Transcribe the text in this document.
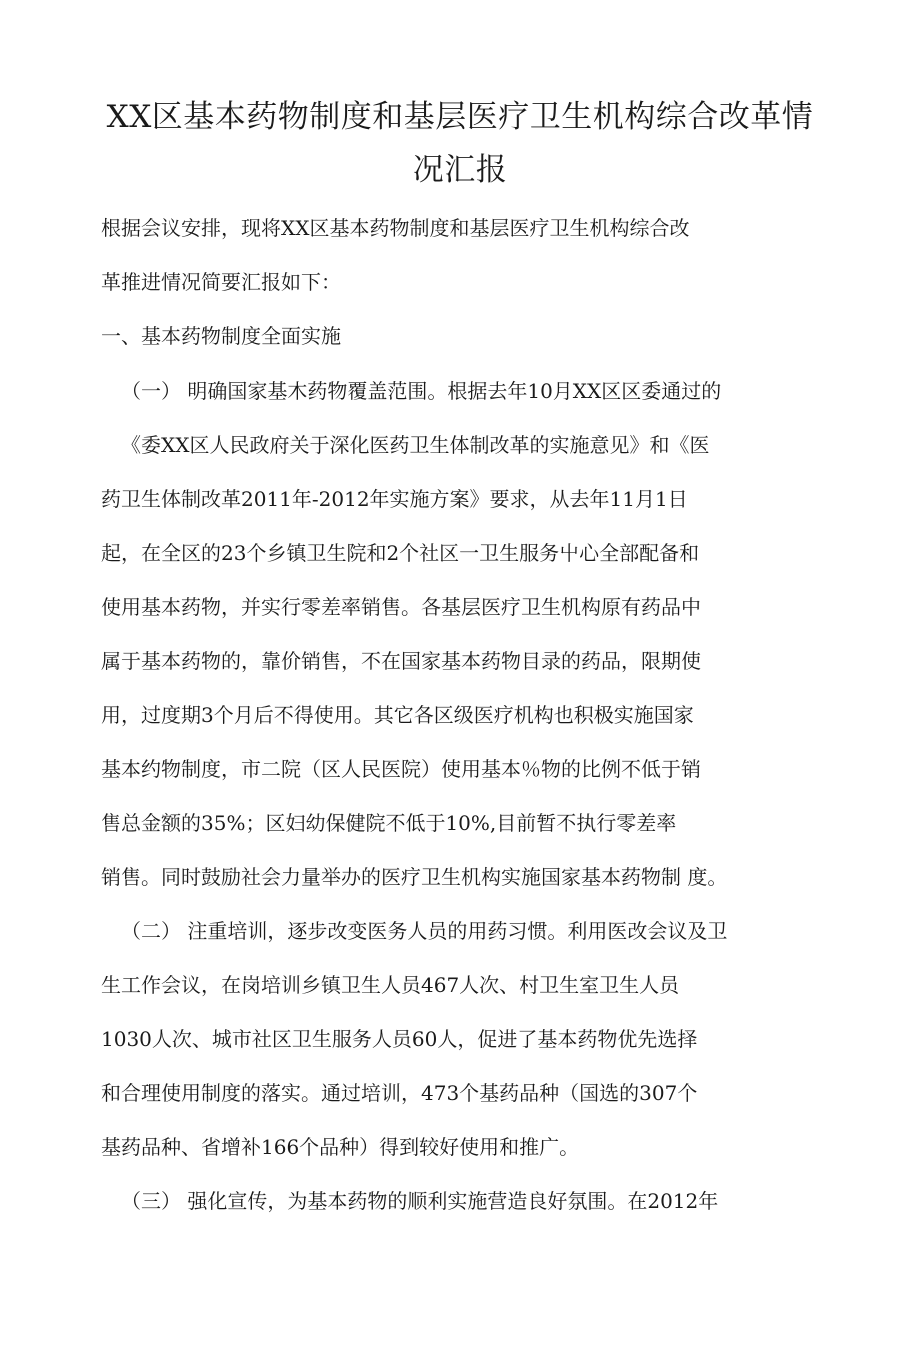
XX区基本药物制度和基层医疗卫生机构综合改革情
况汇报
根据会议安排，现将XX区基本药物制度和基层医疗卫生机构综合改
革推进情况简要汇报如下：
一、基本药物制度全面实施
（一） 明确国家基木药物覆盖范围。根据去年10月XX区区委通过的
《委XX区人民政府关于深化医药卫生体制改革的实施意见》和《医
药卫生体制改革2011年-2012年实施方案》要求，从去年11月1日
起，在全区的23个乡镇卫生院和2个社区一卫生服务屮心全部配备和
使用基本药物，并实行零差率销售。各基层医疗卫生机构原有药品中
属于基本药物的，靠价销售，不在国家基本药物目录的药品，限期使
用，过度期3个月后不得使用。其它各区级医疗机构也积极实施国家
基本约物制度，市二院（区人民医院）使用基本％物的比例不低于销
售总金额的35%；区妇幼保健院不低于10%,目前暂不执行零差率
销售。同时鼓励社会力量举办的医疗卫生机构实施国家基本药物制 度。
（二） 注重培训，逐步改变医务人员的用药习惯。利用医改会议及卫
生工作会议，在岗培训乡镇卫生人员467人次、村卫生室卫生人员
1030人次、城市社区卫生服务人员60人，促进了基本药物优先选择
和合理使用制度的落实。通过培训，473个基药品种（国选的307个
基药品种、省增补166个品种）得到较好使用和推广。
（三） 强化宣传，为基本药物的顺利实施营造良好氛围。在2012年
